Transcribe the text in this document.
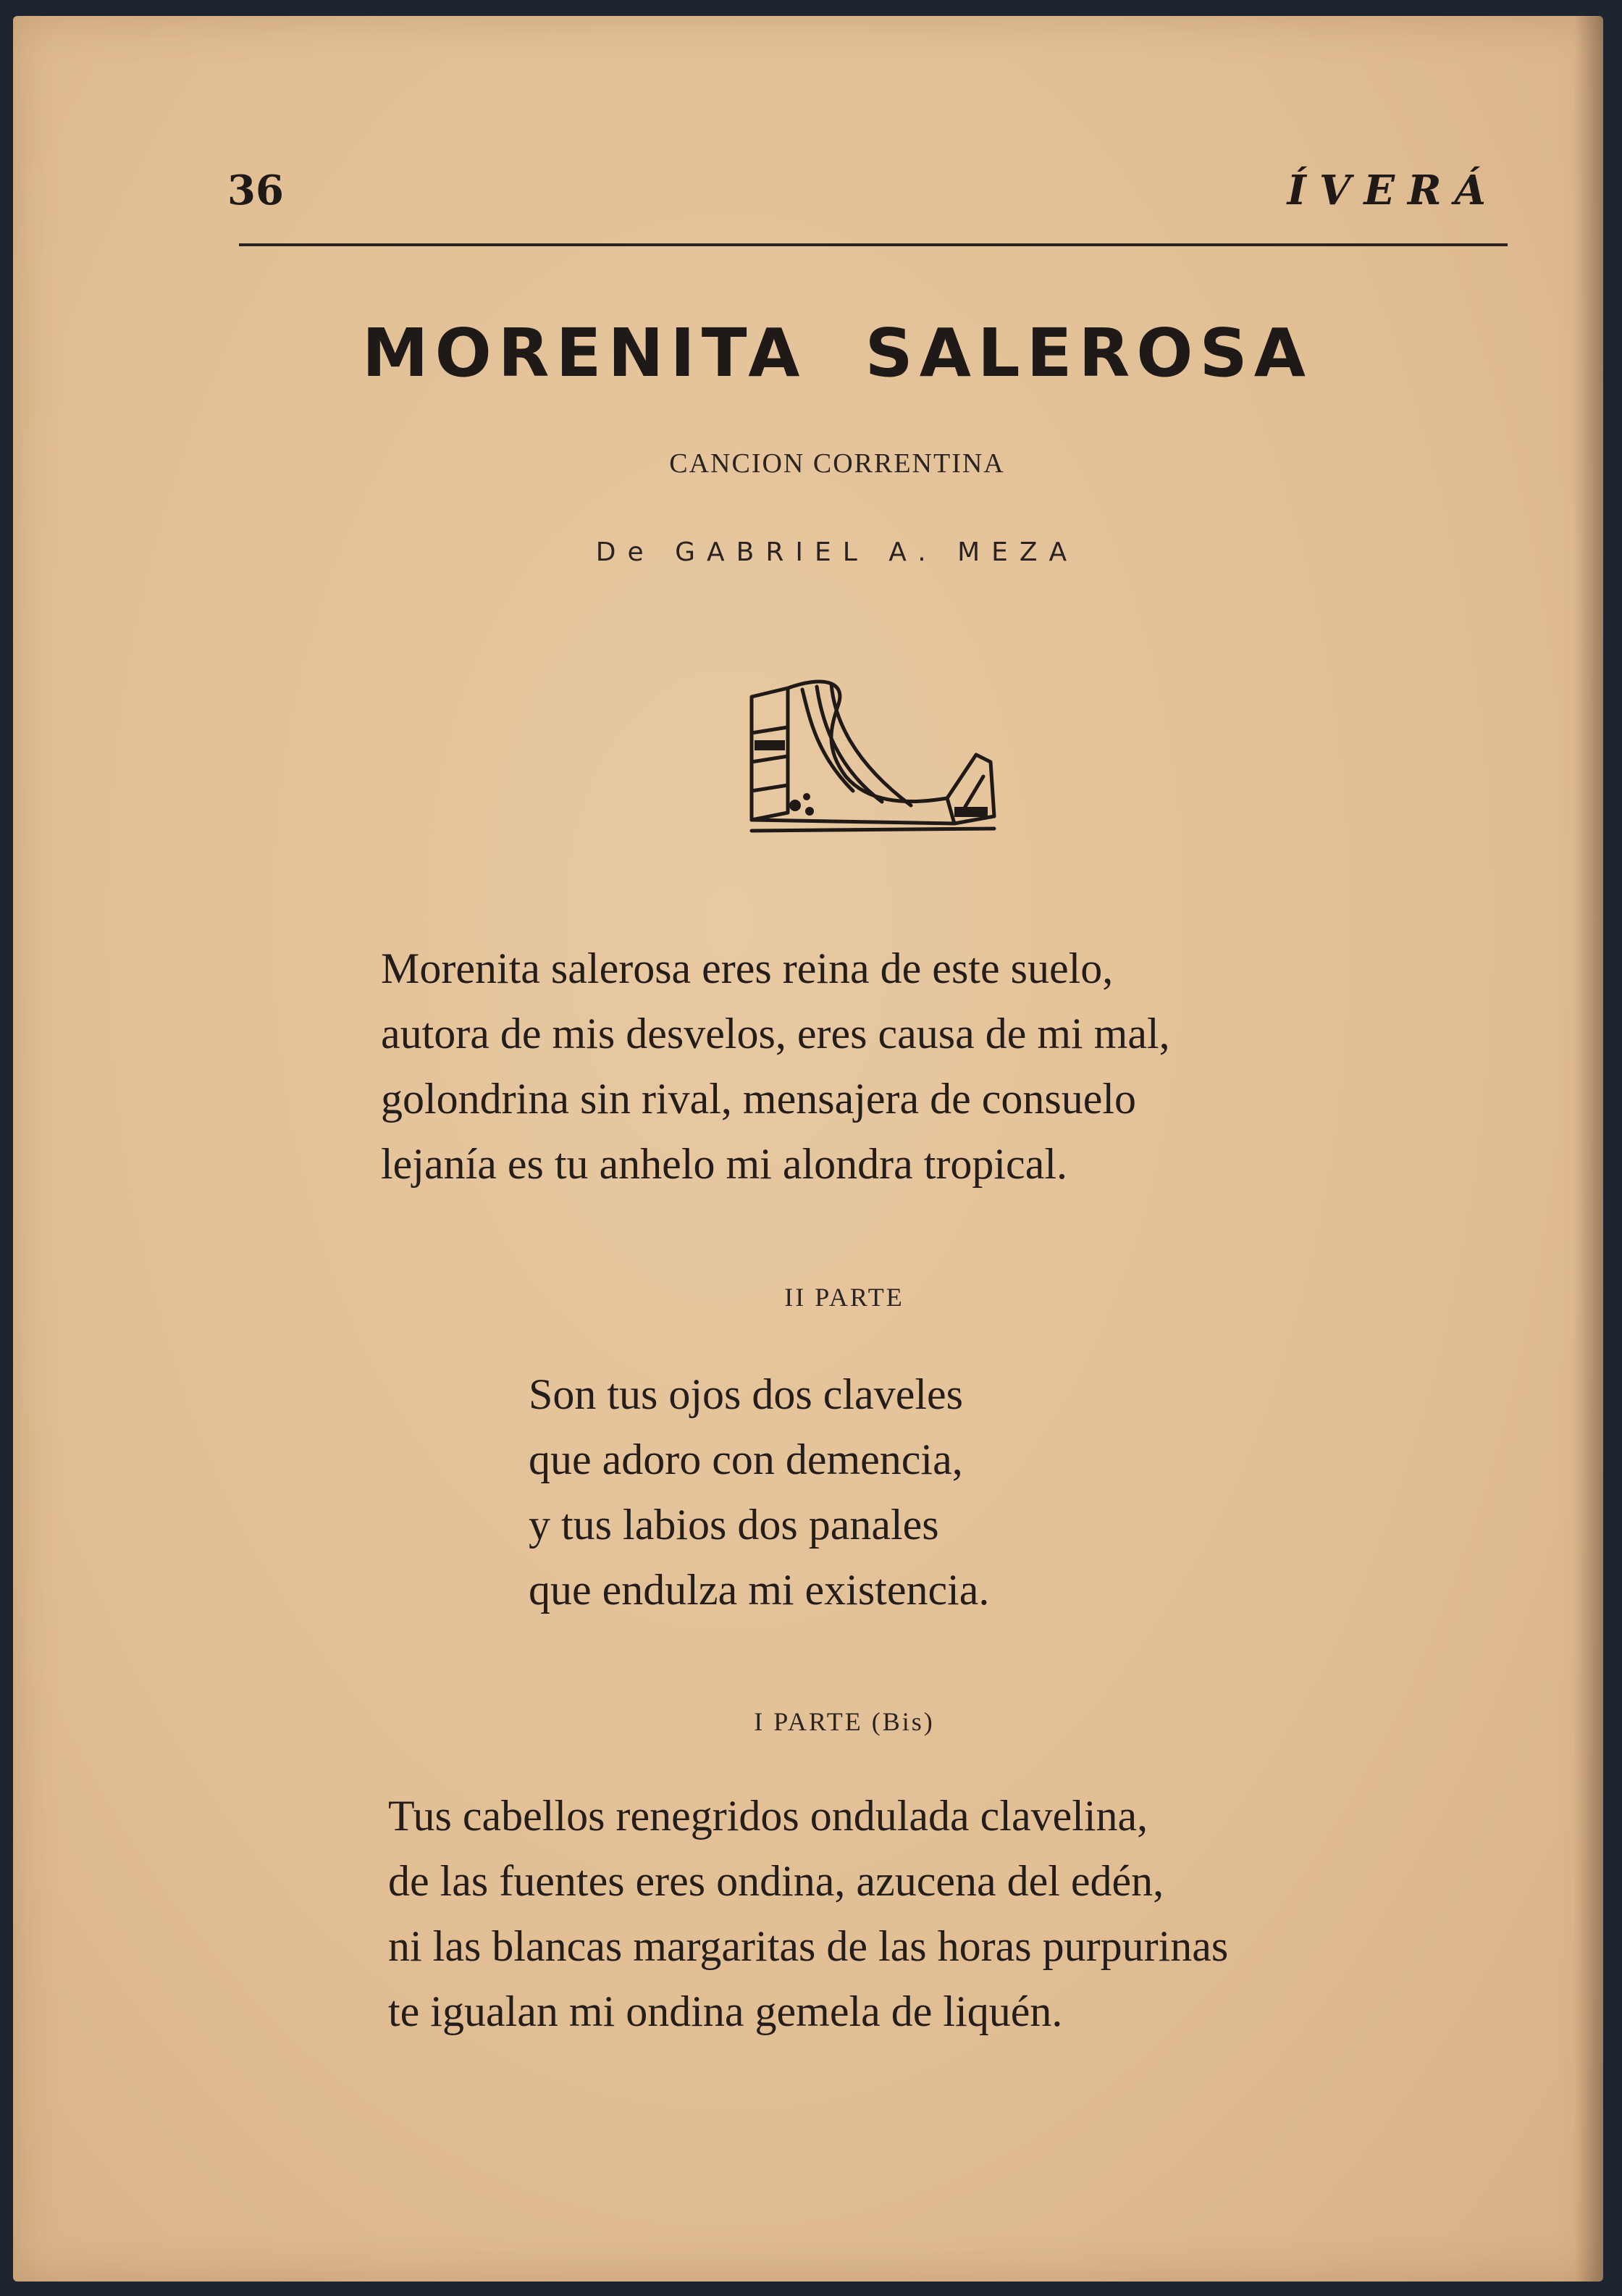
36	ÍVERÁ
MORENITA SALEROSA
CANCION CORRENTINA
De GABRIEL A. MEZA
Morenita salerosa eres reina de este suelo,
autora de mis desvelos, eres causa de mi mal,
golondrina sin rival, mensajera de consuelo
lejanía es tu anhelo mi alondra tropical.
II PARTE
Son tus ojos dos claveles
que adoro con demencia,
y tus labios dos panales
que endulza mi existencia.
I PARTE (Bis)
Tus cabellos renegridos ondulada clavelina,
de las fuentes eres ondina, azucena del edén,
ni las blancas margaritas de las horas purpurinas
te igualan mi ondina gemela de liquén.
